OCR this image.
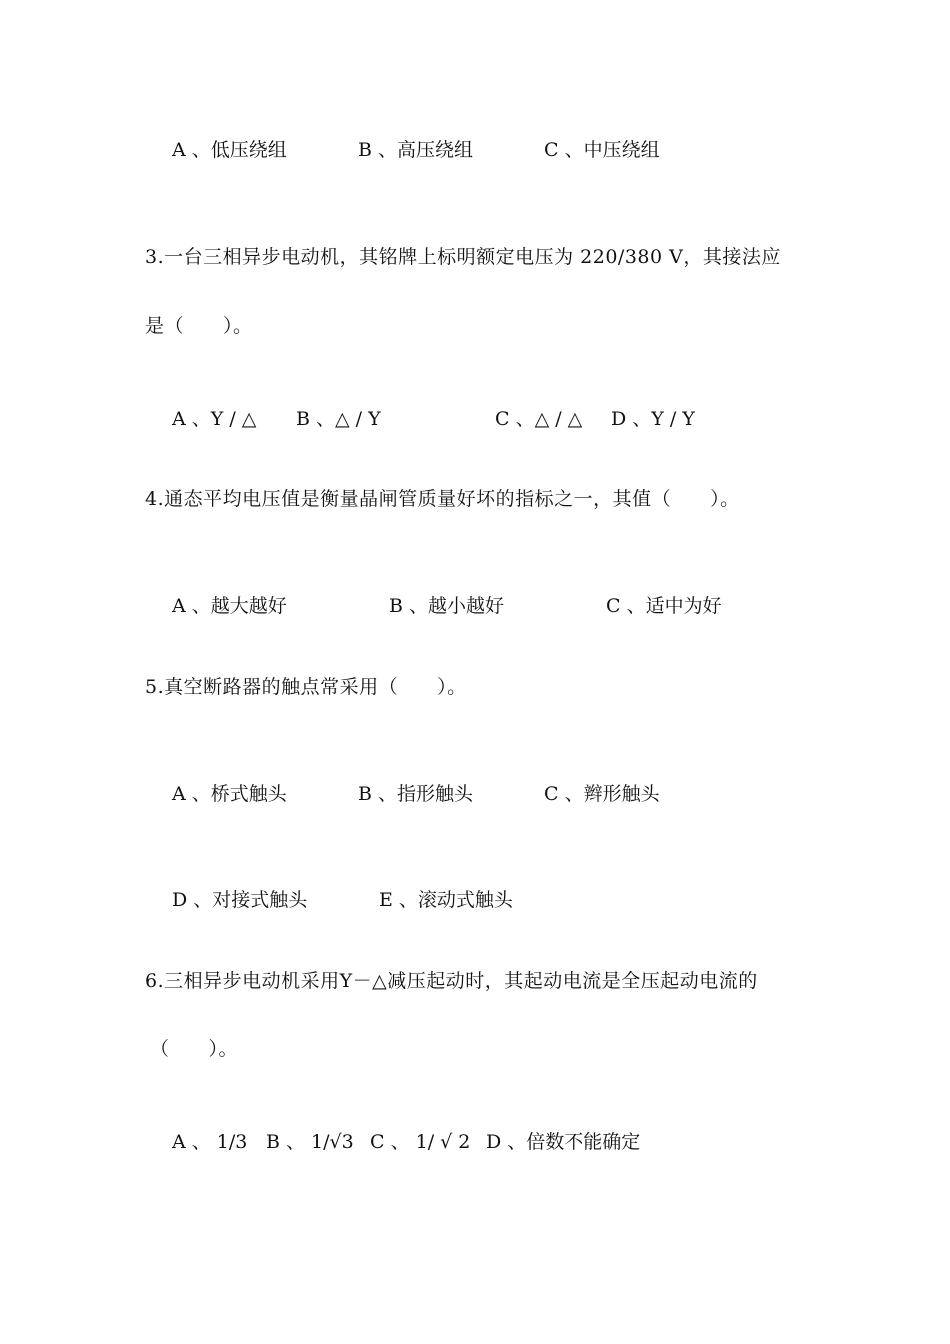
A 、低压绕组	B 、高压绕组	C 、中压绕组
3.一台三相异步电动机，其铭牌上标明额定电压为 220/380 V，其接法应
是（　　）。
A 、Y / △ B 、△ / Y	C 、△ / △ D 、Y / Y
4.通态平均电压值是衡量晶闸管质量好坏的指标之一，其值（　　）。
A 、越大越好	B 、越小越好	C 、适中为好
5.真空断路器的触点常采用（　　）。
A 、桥式触头	B 、指形触头	C 、辫形触头
D 、对接式触头	E 、滚动式触头
6.三相异步电动机采用Y－△减压起动时，其起动电流是全压起动电流的
（　　）。
A 、 1/3 B 、 1/√3 C 、 1/ √ 2 D 、倍数不能确定
